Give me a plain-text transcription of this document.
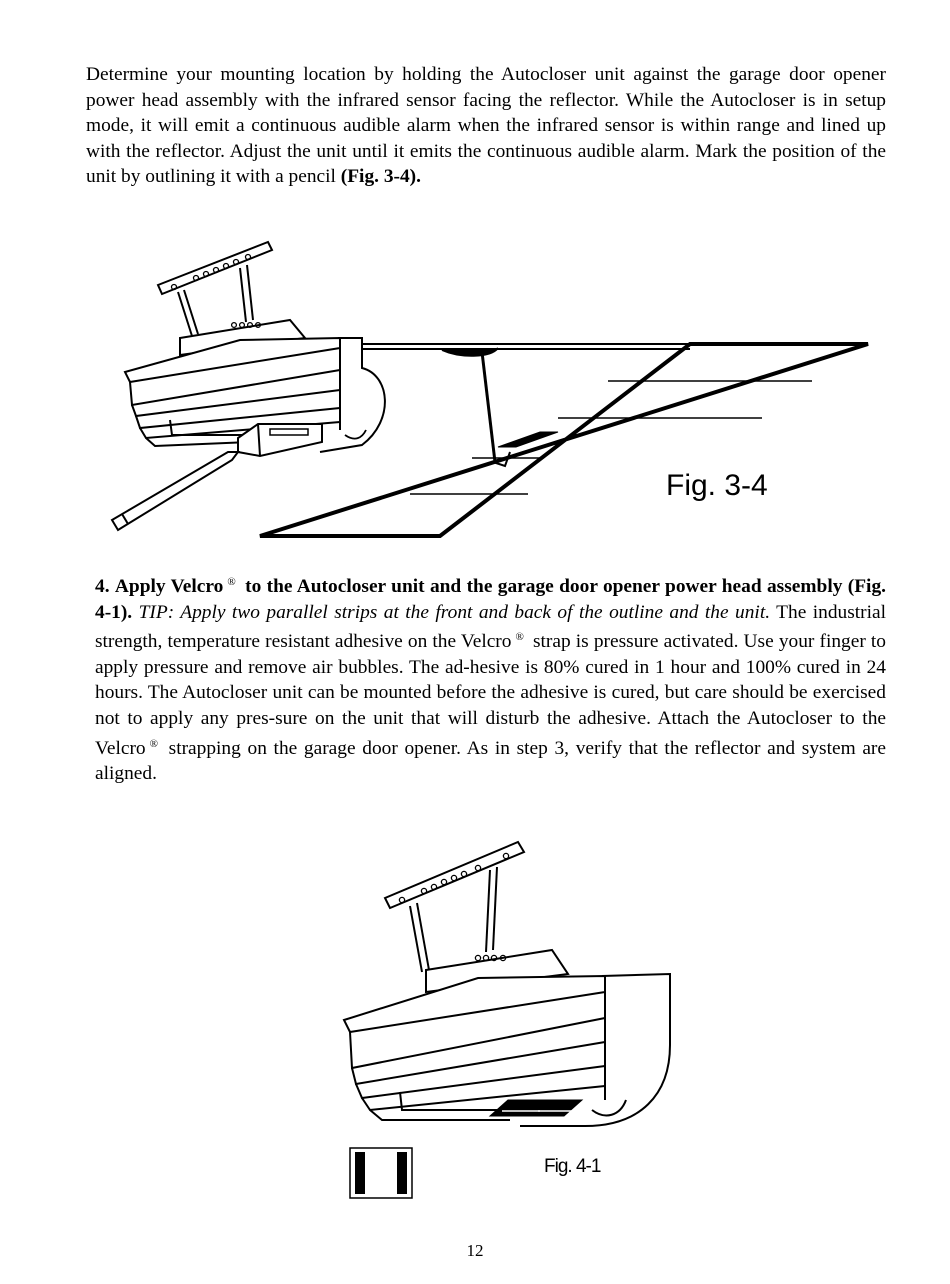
Determine your mounting location by holding the Autocloser unit against the garage door opener power head assembly with the infrared sensor facing the reflector. While the Autocloser is in setup mode, it will emit a continuous audible alarm when the infrared sensor is within range and lined up with the reflector. Adjust the unit until it emits the continuous audible alarm. Mark the position of the unit by outlining it with a pencil (Fig. 3-4).

Fig. 3-4
4. Apply Velcro ® to the Autocloser unit and the garage door opener power head assembly (Fig. 4-1). TIP: Apply two parallel strips at the front and back of the outline and the unit. The industrial strength, temperature resistant adhesive on the Velcro ® strap is pressure activated. Use your finger to apply pressure and remove air bubbles. The ad-hesive is 80% cured in 1 hour and 100% cured in 24 hours. The Autocloser unit can be mounted before the adhesive is cured, but care should be exercised not to apply any pres-sure on the unit that will disturb the adhesive. Attach the Autocloser to the Velcro ® strapping on the garage door opener. As in step 3, verify that the reflector and system are aligned.
Fig. 4-1
12
